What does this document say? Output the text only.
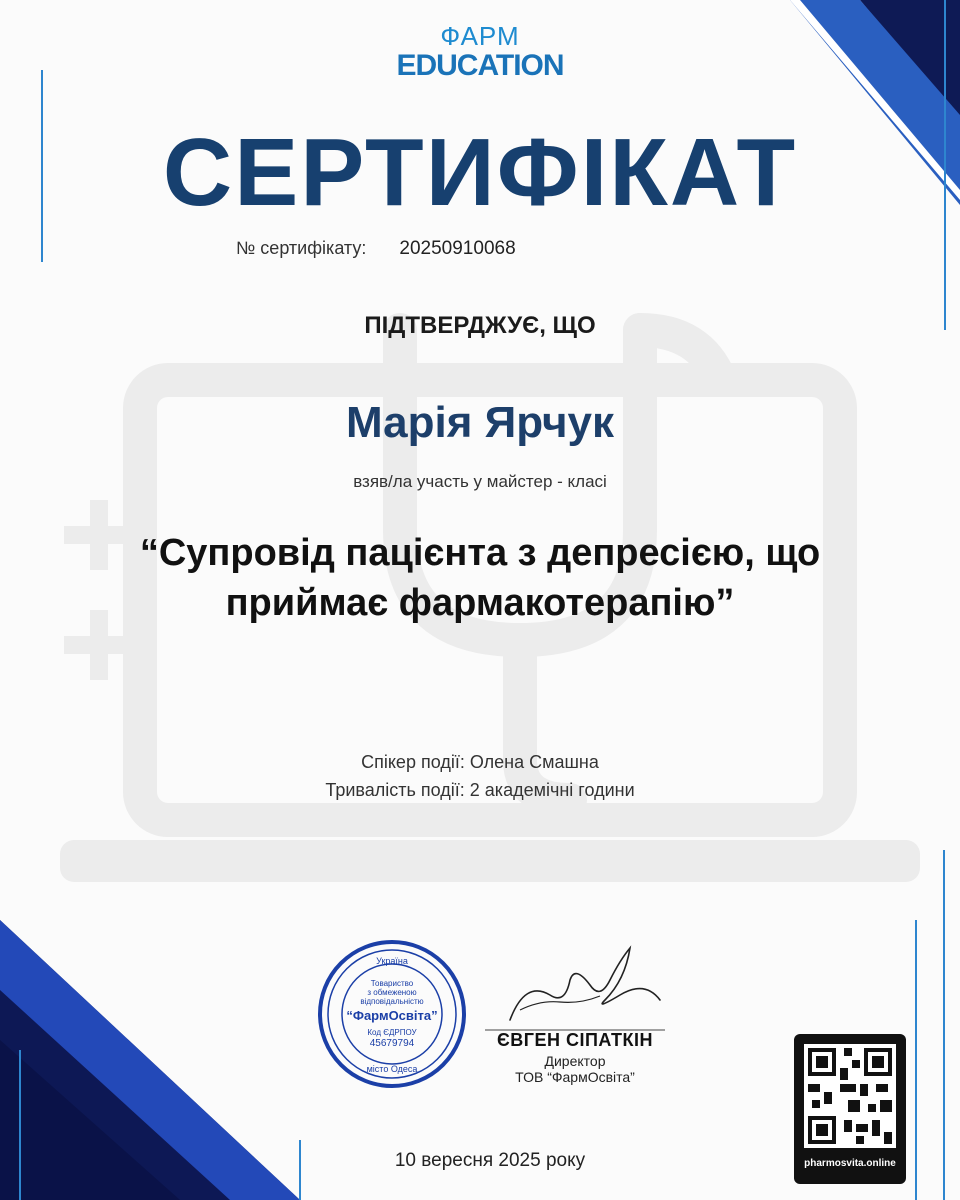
ФАРМ
EDUCATION
СЕРТИФІКАТ
№ сертифікату: 20250910068
ПІДТВЕРДЖУЄ, ЩО
Марія Ярчук
взяв/ла участь у майстер - класі
“Супровід пацієнта з депресією, що
приймає фармакотерапію”
Спікер події: Олена Смашна
Тривалість події: 2 академічні години
Україна
Товариство
з обмеженою
відповідальністю
“ФармОсвіта”
Код ЄДРПОУ
45679794
місто Одеса
ЄВГЕН СІПАТКІН
Директор
ТОВ “ФармОсвіта”
10 вересня 2025 року	pharmosvita.online
